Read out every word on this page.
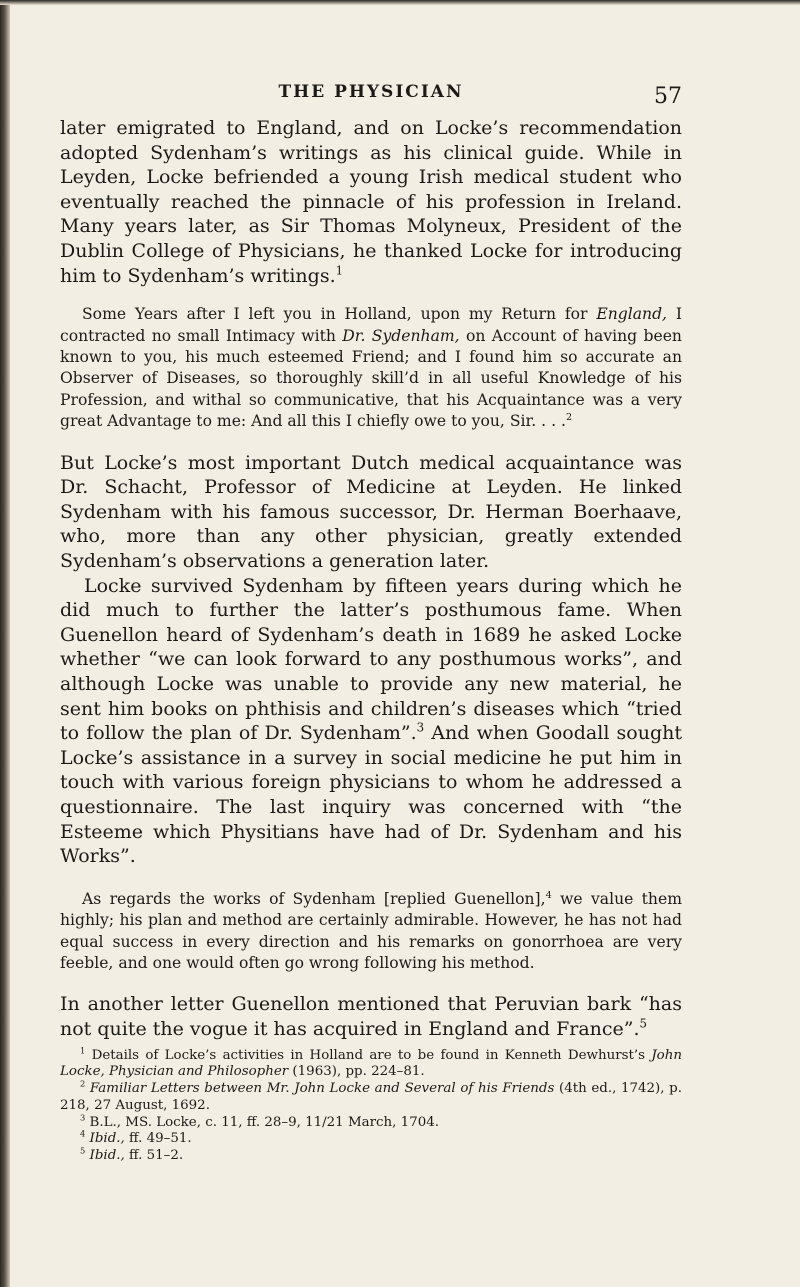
THE PHYSICIAN	57

later emigrated to England, and on Locke’s recommendation adopted Sydenham’s writings as his clinical guide. While in Leyden, Locke befriended a young Irish medical student who eventually reached the pinnacle of his profession in Ireland. Many years later, as Sir Thomas Molyneux, President of the Dublin College of Physicians, he thanked Locke for introducing him to Sydenham’s writings.$^1$

Some Years after I left you in Holland, upon my Return for England, I contracted no small Intimacy with Dr. Sydenham, on Account of having been known to you, his much esteemed Friend; and I found him so accurate an Observer of Diseases, so thoroughly skill’d in all useful Knowledge of his Profession, and withal so communicative, that his Acquaintance was a very great Advantage to me: And all this I chiefly owe to you, Sir. . . .$^2$

But Locke’s most important Dutch medical acquaintance was Dr. Schacht, Professor of Medicine at Leyden. He linked Sydenham with his famous successor, Dr. Herman Boerhaave, who, more than any other physician, greatly extended Sydenham’s observations a generation later.

Locke survived Sydenham by fifteen years during which he did much to further the latter’s posthumous fame. When Guenellon heard of Sydenham’s death in 1689 he asked Locke whether “we can look forward to any posthumous works”, and although Locke was unable to provide any new material, he sent him books on phthisis and children’s diseases which “tried to follow the plan of Dr. Sydenham”.$^3$ And when Goodall sought Locke’s assistance in a survey in social medicine he put him in touch with various foreign physicians to whom he addressed a questionnaire. The last inquiry was concerned with “the Esteeme which Physitians have had of Dr. Sydenham and his Works”.

As regards the works of Sydenham [replied Guenellon],$^4$ we value them highly; his plan and method are certainly admirable. However, he has not had equal success in every direction and his remarks on gonorrhoea are very feeble, and one would often go wrong following his method.

In another letter Guenellon mentioned that Peruvian bark “has not quite the vogue it has acquired in England and France”.$^5$

$^1$ Details of Locke’s activities in Holland are to be found in Kenneth Dewhurst’s John Locke, Physician and Philosopher (1963), pp. 224–81.
$^2$ Familiar Letters between Mr. John Locke and Several of his Friends (4th ed., 1742), p. 218, 27 August, 1692.
$^3$ B.L., MS. Locke, c. 11, ff. 28–9, 11/21 March, 1704.
$^4$ Ibid., ff. 49–51.
$^5$ Ibid., ff. 51–2.
